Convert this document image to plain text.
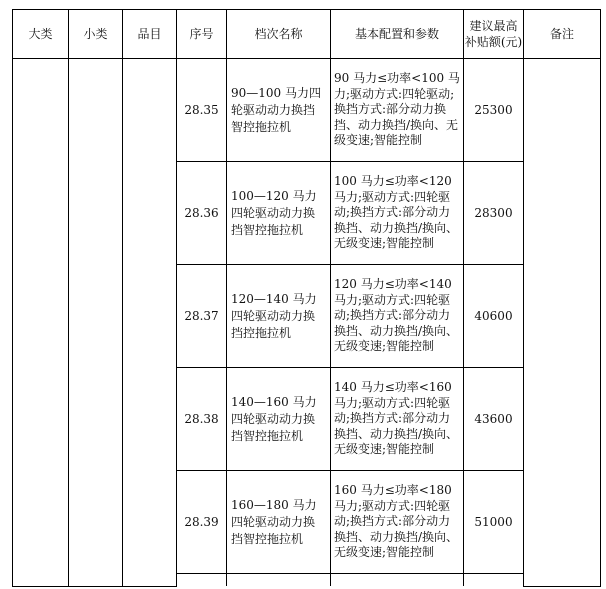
大类	小类	品目	序号	档次名称	基本配置和参数	建议最高补贴额(元)	备注
			28.35	90—100 马力四轮驱动动力换挡智控拖拉机	90 马力≤功率<100 马力;驱动方式:四轮驱动;换挡方式:部分动力换挡、动力换挡/换向、无级变速;智能控制	25300	
			28.36	100—120 马力四轮驱动动力换挡智控拖拉机	100 马力≤功率<120 马力;驱动方式:四轮驱动;换挡方式:部分动力换挡、动力换挡/换向、无级变速;智能控制	28300	
			28.37	120—140 马力四轮驱动动力换挡控拖拉机	120 马力≤功率<140 马力;驱动方式:四轮驱动;换挡方式:部分动力换挡、动力换挡/换向、无级变速;智能控制	40600	
			28.38	140—160 马力四轮驱动动力换挡智控拖拉机	140 马力≤功率<160 马力;驱动方式:四轮驱动;换挡方式:部分动力换挡、动力换挡/换向、无级变速;智能控制	43600	
			28.39	160—180 马力四轮驱动动力换挡智控拖拉机	160 马力≤功率<180 马力;驱动方式:四轮驱动;换挡方式:部分动力换挡、动力换挡/换向、无级变速;智能控制	51000	
